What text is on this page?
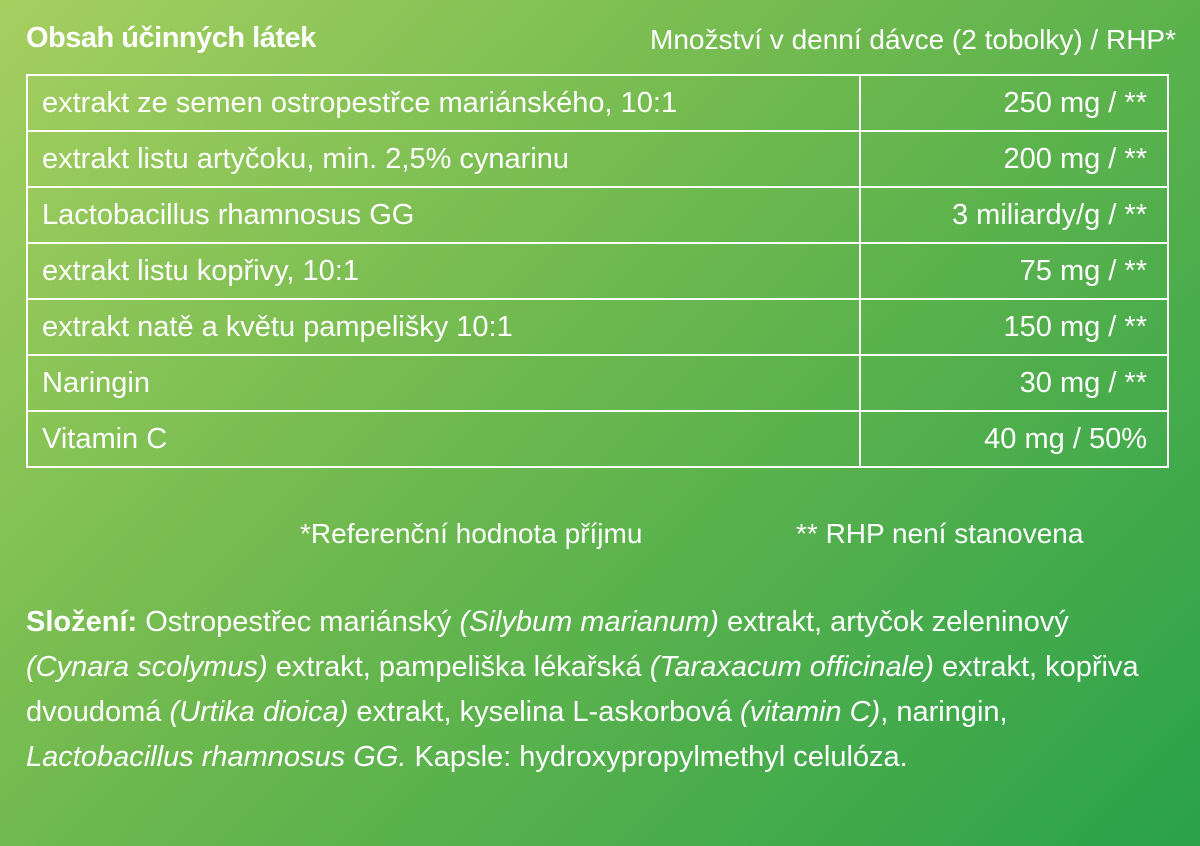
Obsah účinných látek	Množství v denní dávce (2 tobolky) / RHP*
extrakt ze semen ostropestřce mariánského, 10:1	250 mg / **
extrakt listu artyčoku, min. 2,5% cynarinu	200 mg / **
Lactobacillus rhamnosus GG	3 miliardy/g / **
extrakt listu kopřivy, 10:1	75 mg / **
extrakt natě a květu pampelišky 10:1	150 mg / **
Naringin	30 mg / **
Vitamin C	40 mg / 50%
*Referenční hodnota příjmu	** RHP není stanovena
Složení: Ostropestřec mariánský (Silybum marianum) extrakt, artyčok zeleninový (Cynara scolymus) extrakt, pampeliška lékařská (Taraxacum officinale) extrakt, kopřiva dvoudomá (Urtika dioica) extrakt, kyselina L-askorbová (vitamin C), naringin, Lactobacillus rhamnosus GG. Kapsle: hydroxypropylmethyl celulóza.
